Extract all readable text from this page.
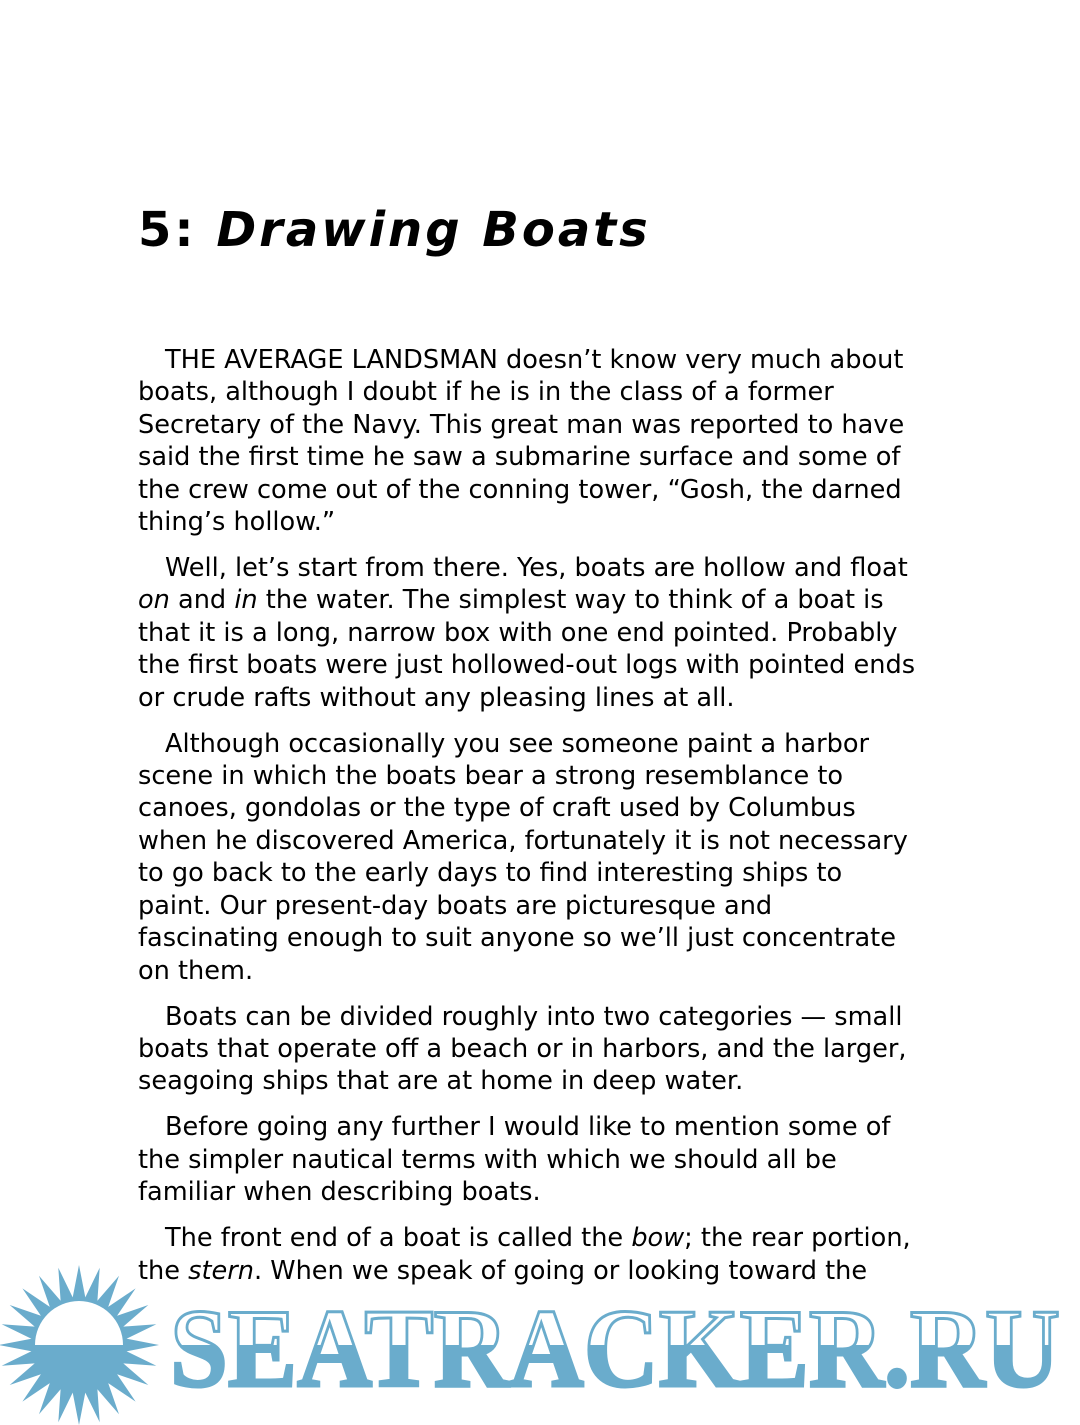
5: Drawing Boats

THE AVERAGE LANDSMAN doesn’t know very much about
boats, although I doubt if he is in the class of a former
Secretary of the Navy. This great man was reported to have
said the first time he saw a submarine surface and some of
the crew come out of the conning tower, “Gosh, the darned
thing’s hollow.”

Well, let’s start from there. Yes, boats are hollow and float
on and in the water. The simplest way to think of a boat is
that it is a long, narrow box with one end pointed. Probably
the first boats were just hollowed-out logs with pointed ends
or crude rafts without any pleasing lines at all.

Although occasionally you see someone paint a harbor
scene in which the boats bear a strong resemblance to
canoes, gondolas or the type of craft used by Columbus
when he discovered America, fortunately it is not necessary
to go back to the early days to find interesting ships to
paint. Our present-day boats are picturesque and
fascinating enough to suit anyone so we’ll just concentrate
on them.

Boats can be divided roughly into two categories — small
boats that operate off a beach or in harbors, and the larger,
seagoing ships that are at home in deep water.

Before going any further I would like to mention some of
the simpler nautical terms with which we should all be
familiar when describing boats.

The front end of a boat is called the bow; the rear portion,
the stern. When we speak of going or looking toward the

SEATRACKER.RU
